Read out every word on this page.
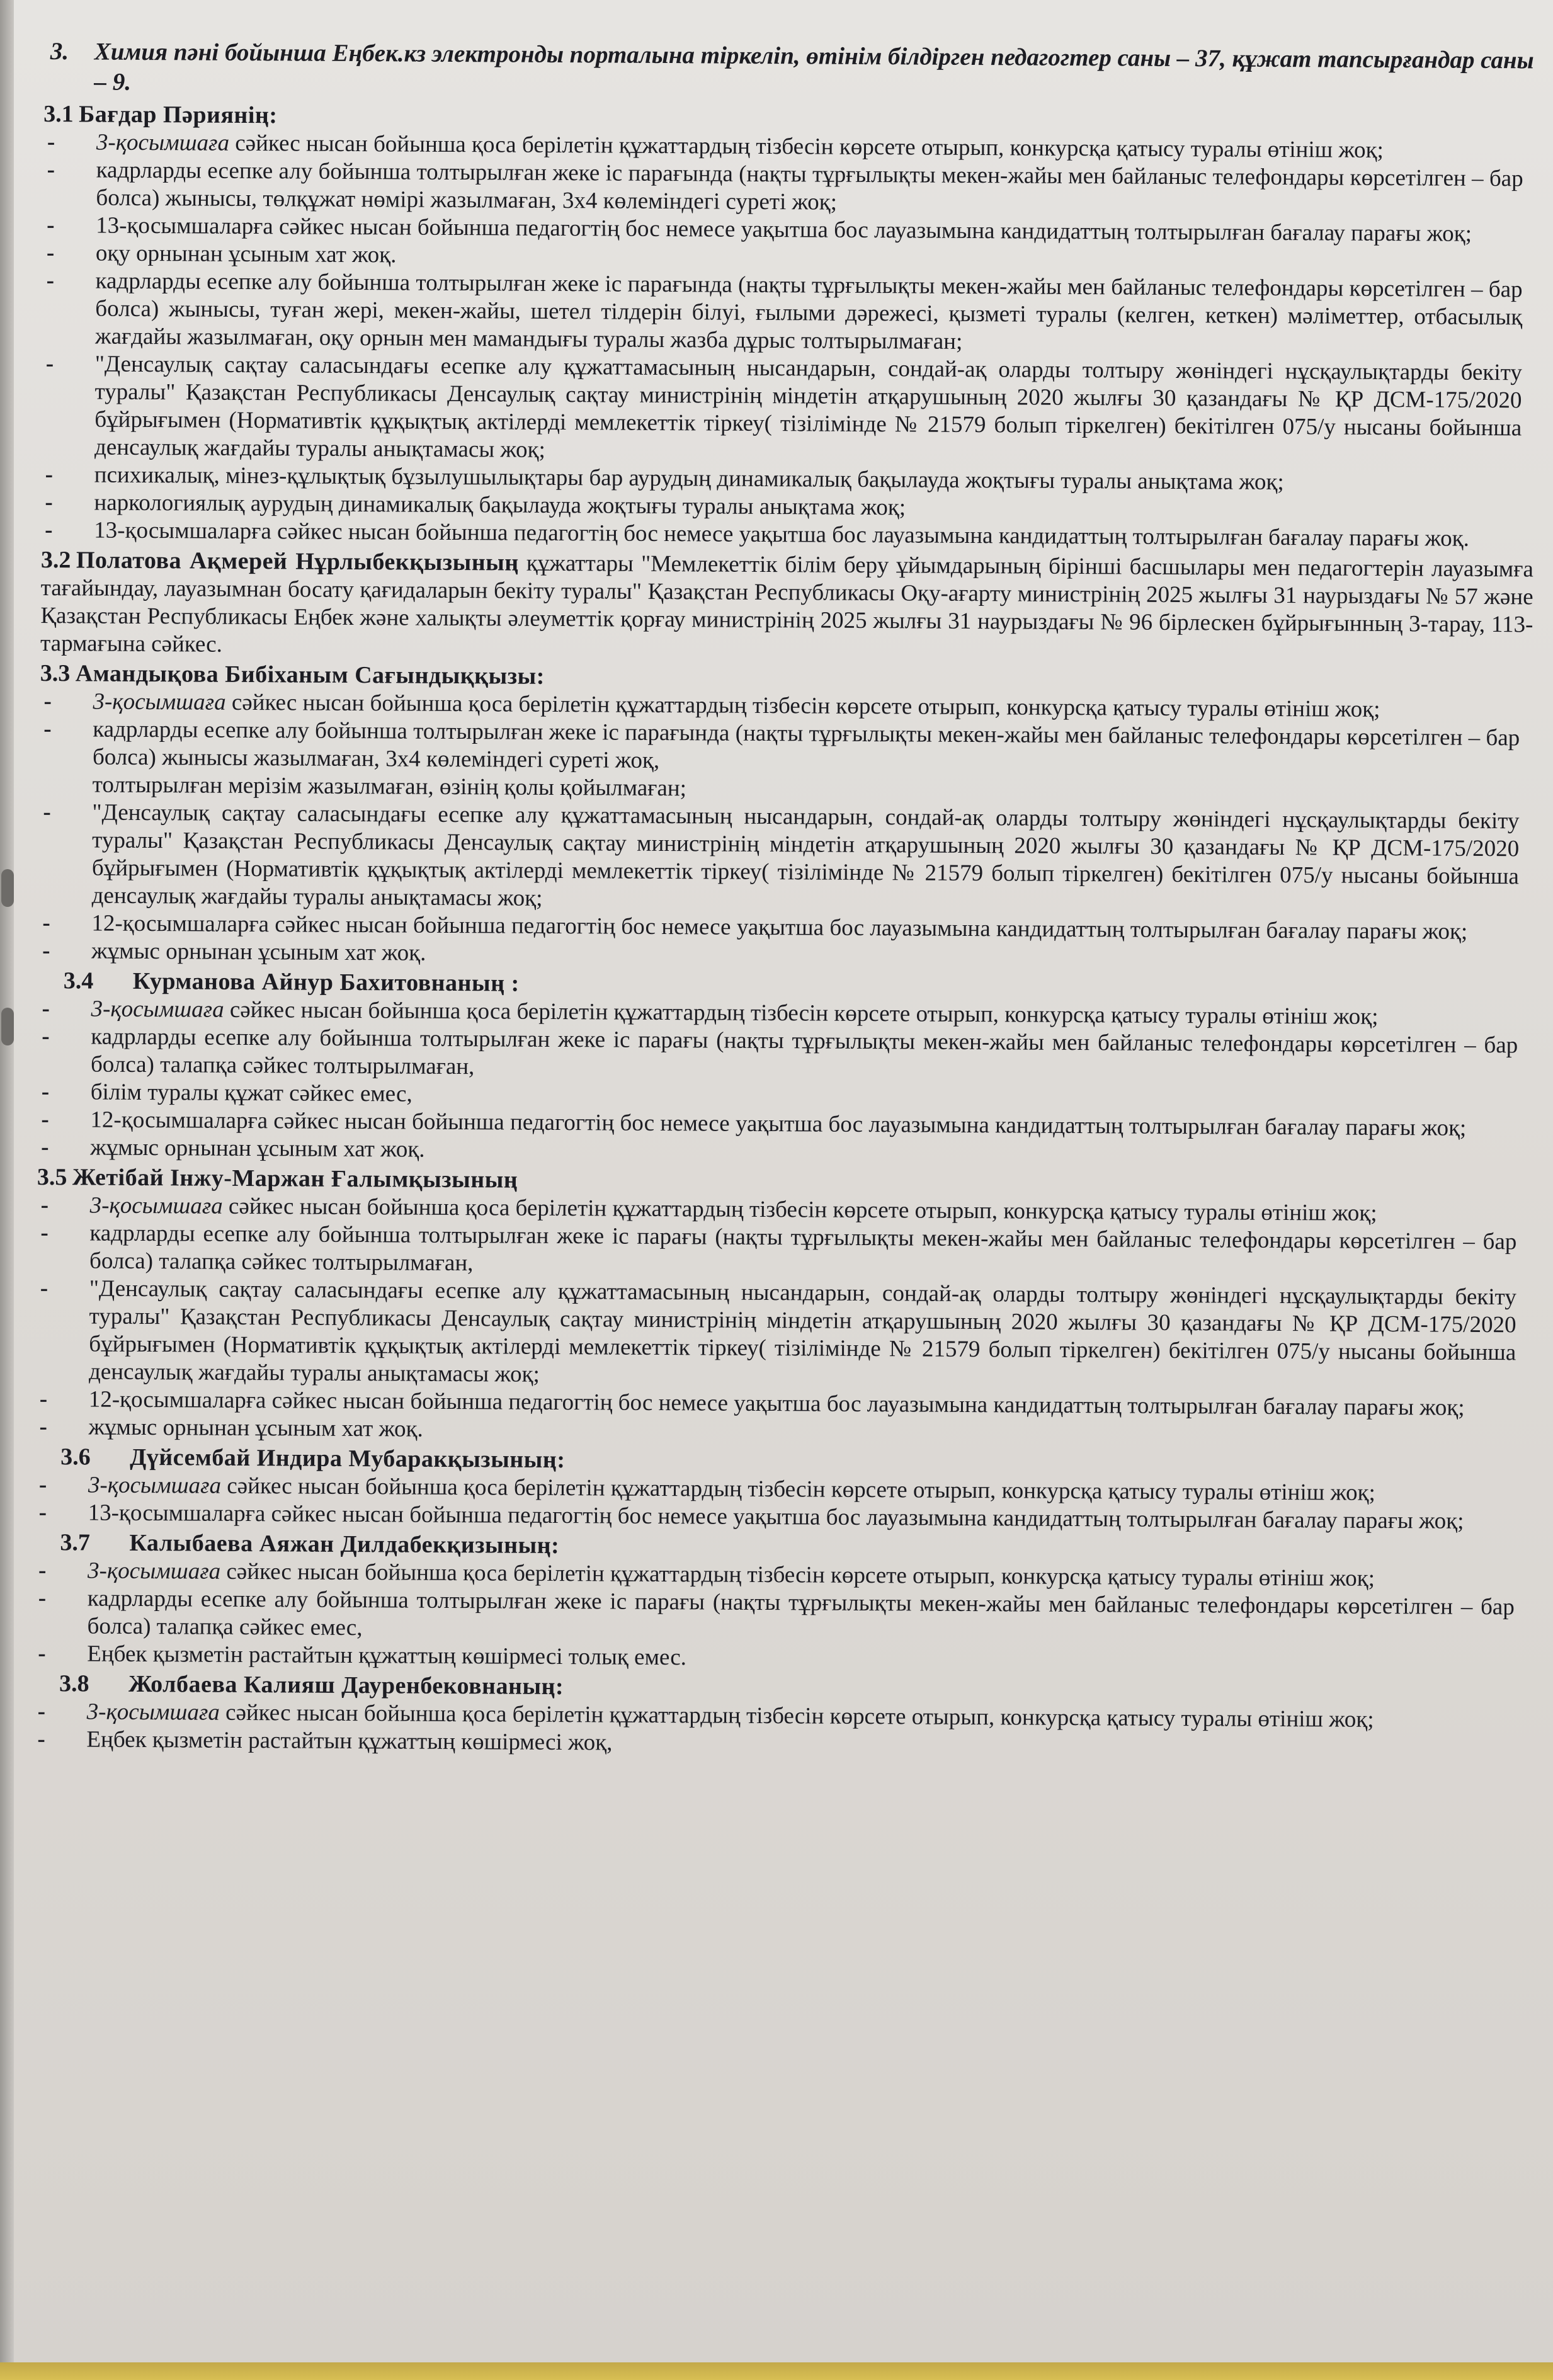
3. Химия пәні бойынша Еңбек.кз электронды порталына тіркеліп, өтінім білдірген педагогтер саны – 37, құжат тапсырғандар саны – 9.
3.1 Бағдар Пәриянің:
- 3-қосымшаға сәйкес нысан бойынша қоса берілетін құжаттардың тізбесін көрсете отырып, конкурсқа қатысу туралы өтініш жоқ;
- кадрларды есепке алу бойынша толтырылған жеке іс парағында (нақты тұрғылықты мекен-жайы мен байланыс телефондары көрсетілген – бар болса) жынысы, төлқұжат нөмірі жазылмаған, 3х4 көлеміндегі суреті жоқ;
- 13-қосымшаларға сәйкес нысан бойынша педагогтің бос немесе уақытша бос лауазымына кандидаттың толтырылған бағалау парағы жоқ;
- оқу орнынан ұсыным хат жоқ.
- кадрларды есепке алу бойынша толтырылған жеке іс парағында (нақты тұрғылықты мекен-жайы мен байланыс телефондары көрсетілген – бар болса) жынысы, туған жері, мекен-жайы, шетел тілдерін білуі, ғылыми дәрежесі, қызметі туралы (келген, кеткен) мәліметтер, отбасылық жағдайы жазылмаған, оқу орнын мен мамандығы туралы жазба дұрыс толтырылмаған;
- "Денсаулық сақтау саласындағы есепке алу құжаттамасының нысандарын, сондай-ақ оларды толтыру жөніндегі нұсқаулықтарды бекіту туралы" Қазақстан Республикасы Денсаулық сақтау министрінің міндетін атқарушының 2020 жылғы 30 қазандағы № ҚР ДСМ-175/2020 бұйрығымен (Нормативтік құқықтық актілерді мемлекеттік тіркеу( тізілімінде № 21579 болып тіркелген) бекітілген 075/у нысаны бойынша денсаулық жағдайы туралы анықтамасы жоқ;
- психикалық, мінез-құлықтық бұзылушылықтары бар аурудың динамикалық бақылауда жоқтығы туралы анықтама жоқ;
- наркологиялық аурудың динамикалық бақылауда жоқтығы туралы анықтама жоқ;
- 13-қосымшаларға сәйкес нысан бойынша педагогтің бос немесе уақытша бос лауазымына кандидаттың толтырылған бағалау парағы жоқ.
3.2 Полатова Ақмерей Нұрлыбекқызының құжаттары "Мемлекеттік білім беру ұйымдарының бірінші басшылары мен педагогтерін лауазымға тағайындау, лауазымнан босату қағидаларын бекіту туралы" Қазақстан Республикасы Оқу-ағарту министрінің 2025 жылғы 31 наурыздағы № 57 және Қазақстан Республикасы Еңбек және халықты әлеуметтік қорғау министрінің 2025 жылғы 31 наурыздағы № 96 бірлескен бұйрығынның 3-тарау, 113-тармағына сәйкес.
3.3 Амандықова Бибіханым Сағындыққызы:
- 3-қосымшаға сәйкес нысан бойынша қоса берілетін құжаттардың тізбесін көрсете отырып, конкурсқа қатысу туралы өтініш жоқ;
- кадрларды есепке алу бойынша толтырылған жеке іс парағында (нақты тұрғылықты мекен-жайы мен байланыс телефондары көрсетілген – бар болса) жынысы жазылмаған, 3х4 көлеміндегі суреті жоқ,
толтырылған мерізім жазылмаған, өзінің қолы қойылмаған;
- "Денсаулық сақтау саласындағы есепке алу құжаттамасының нысандарын, сондай-ақ оларды толтыру жөніндегі нұсқаулықтарды бекіту туралы" Қазақстан Республикасы Денсаулық сақтау министрінің міндетін атқарушының 2020 жылғы 30 қазандағы № ҚР ДСМ-175/2020 бұйрығымен (Нормативтік құқықтық актілерді мемлекеттік тіркеу( тізілімінде № 21579 болып тіркелген) бекітілген 075/у нысаны бойынша денсаулық жағдайы туралы анықтамасы жоқ;
- 12-қосымшаларға сәйкес нысан бойынша педагогтің бос немесе уақытша бос лауазымына кандидаттың толтырылған бағалау парағы жоқ;
- жұмыс орнынан ұсыным хат жоқ.
3.4 Курманова Айнур Бахитовнаның :
- 3-қосымшаға сәйкес нысан бойынша қоса берілетін құжаттардың тізбесін көрсете отырып, конкурсқа қатысу туралы өтініш жоқ;
- кадрларды есепке алу бойынша толтырылған жеке іс парағы (нақты тұрғылықты мекен-жайы мен байланыс телефондары көрсетілген – бар болса) талапқа сәйкес толтырылмаған,
- білім туралы құжат сәйкес емес,
- 12-қосымшаларға сәйкес нысан бойынша педагогтің бос немесе уақытша бос лауазымына кандидаттың толтырылған бағалау парағы жоқ;
- жұмыс орнынан ұсыным хат жоқ.
3.5 Жетібай Інжу-Маржан Ғалымқызының
- 3-қосымшаға сәйкес нысан бойынша қоса берілетін құжаттардың тізбесін көрсете отырып, конкурсқа қатысу туралы өтініш жоқ;
- кадрларды есепке алу бойынша толтырылған жеке іс парағы (нақты тұрғылықты мекен-жайы мен байланыс телефондары көрсетілген – бар болса) талапқа сәйкес толтырылмаған,
- "Денсаулық сақтау саласындағы есепке алу құжаттамасының нысандарын, сондай-ақ оларды толтыру жөніндегі нұсқаулықтарды бекіту туралы" Қазақстан Республикасы Денсаулық сақтау министрінің міндетін атқарушының 2020 жылғы 30 қазандағы № ҚР ДСМ-175/2020 бұйрығымен (Нормативтік құқықтық актілерді мемлекеттік тіркеу( тізілімінде № 21579 болып тіркелген) бекітілген 075/у нысаны бойынша денсаулық жағдайы туралы анықтамасы жоқ;
- 12-қосымшаларға сәйкес нысан бойынша педагогтің бос немесе уақытша бос лауазымына кандидаттың толтырылған бағалау парағы жоқ;
- жұмыс орнынан ұсыным хат жоқ.
3.6 Дүйсембай Индира Мубаракқызының:
- 3-қосымшаға сәйкес нысан бойынша қоса берілетін құжаттардың тізбесін көрсете отырып, конкурсқа қатысу туралы өтініш жоқ;
- 13-қосымшаларға сәйкес нысан бойынша педагогтің бос немесе уақытша бос лауазымына кандидаттың толтырылған бағалау парағы жоқ;
3.7 Калыбаева Аяжан Дилдабекқизының:
- 3-қосымшаға сәйкес нысан бойынша қоса берілетін құжаттардың тізбесін көрсете отырып, конкурсқа қатысу туралы өтініш жоқ;
- кадрларды есепке алу бойынша толтырылған жеке іс парағы (нақты тұрғылықты мекен-жайы мен байланыс телефондары көрсетілген – бар болса) талапқа сәйкес емес,
- Еңбек қызметін растайтын құжаттың көшірмесі толық емес.
3.8 Жолбаева Калияш Дауренбековнаның:
- 3-қосымшаға сәйкес нысан бойынша қоса берілетін құжаттардың тізбесін көрсете отырып, конкурсқа қатысу туралы өтініш жоқ;
- Еңбек қызметін растайтын құжаттың көшірмесі жоқ,
